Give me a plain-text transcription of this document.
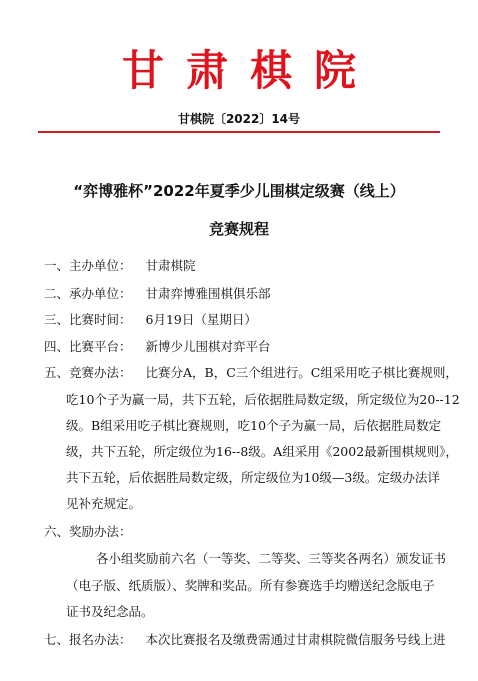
甘肃棋院
甘棋院〔2022〕14号
“弈博雅杯”2022年夏季少儿围棋定级赛（线上）
竞赛规程
一、主办单位： 甘肃棋院
二、承办单位： 甘肃弈博雅围棋俱乐部
三、比赛时间： 6月19日（星期日）
四、比赛平台： 新博少儿围棋对弈平台
五、竞赛办法： 比赛分A，B，C三个组进行。C组采用吃子棋比赛规则，
吃10个子为赢一局，共下五轮，后依据胜局数定级，所定级位为20--12
级。B组采用吃子棋比赛规则，吃10个子为赢一局，后依据胜局数定
级，共下五轮，所定级位为16--8级。A组采用《2002最新围棋规则》，
共下五轮，后依据胜局数定级，所定级位为10级—3级。定级办法详
见补充规定。
六、奖励办法：
各小组奖励前六名（一等奖、二等奖、三等奖各两名）颁发证书
（电子版、纸质版）、奖牌和奖品。所有参赛选手均赠送纪念版电子
证书及纪念品。
七、报名办法： 本次比赛报名及缴费需通过甘肃棋院微信服务号线上进
